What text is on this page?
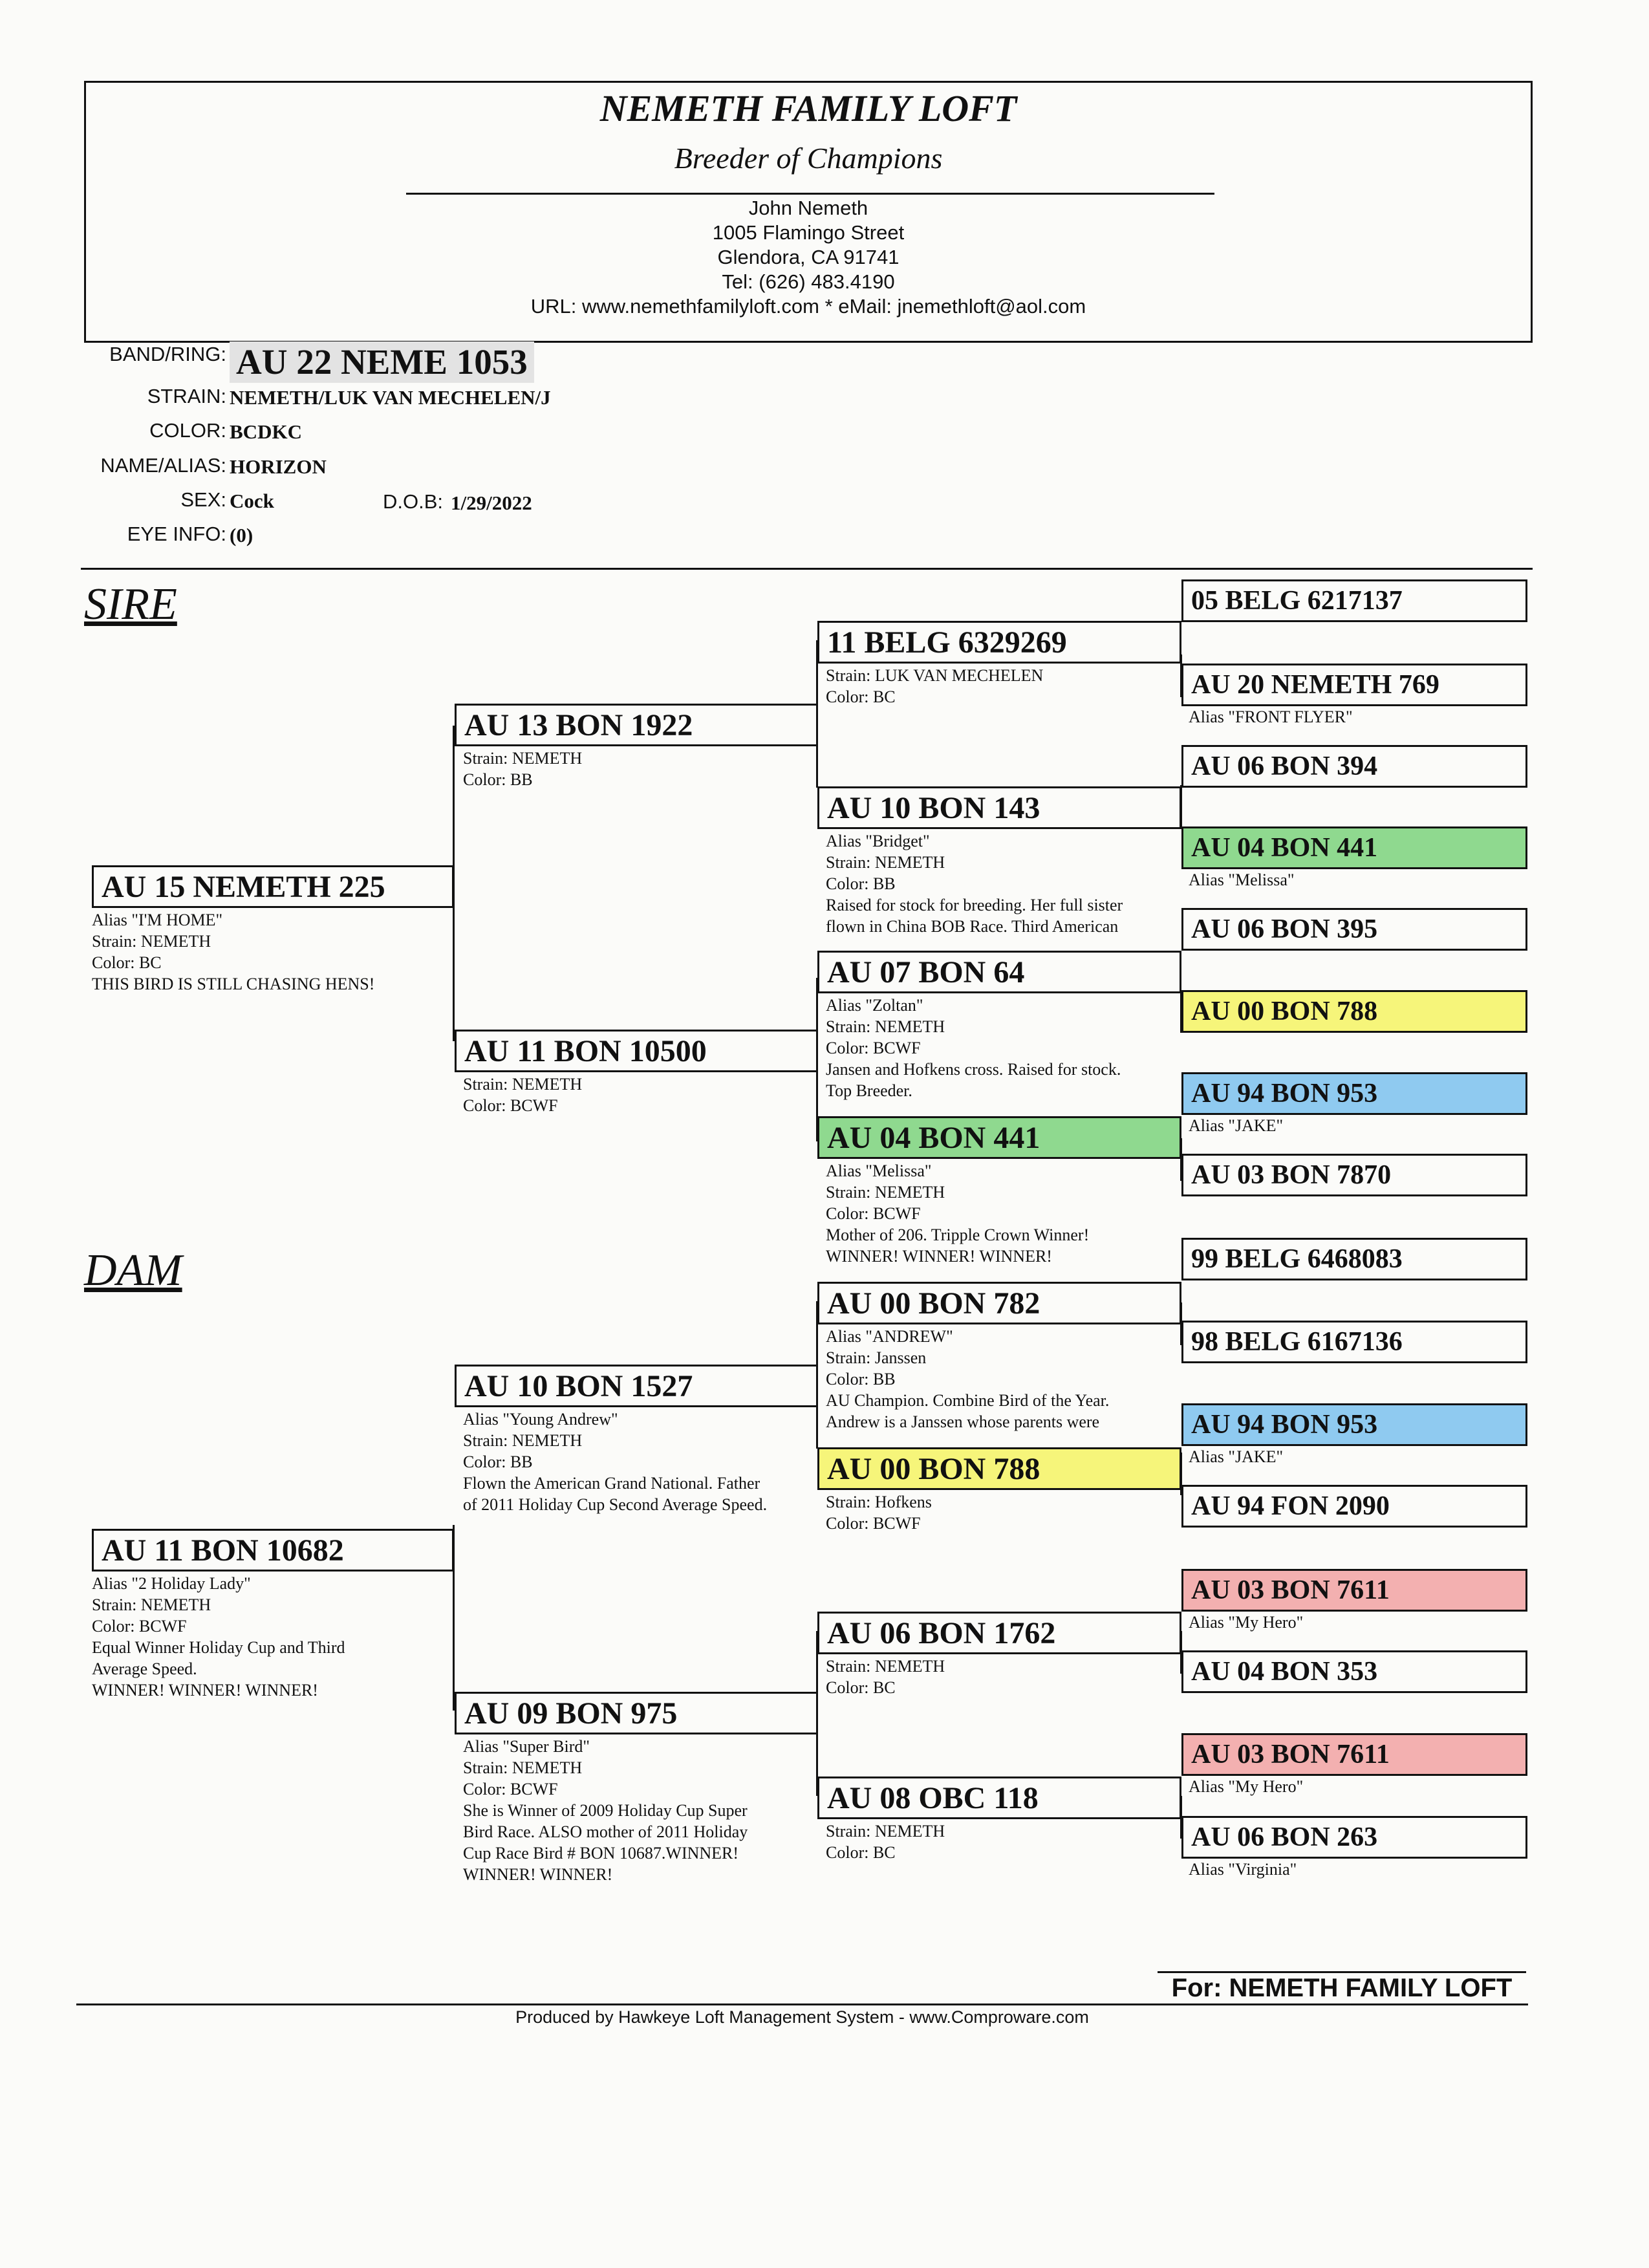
NEMETH FAMILY LOFT
Breeder of Champions
John Nemeth
1005 Flamingo Street
Glendora, CA 91741
Tel: (626) 483.4190
URL: www.nemethfamilyloft.com * eMail: jnemethloft@aol.com
BAND/RING: AU 22 NEME 1053
STRAIN: NEMETH/LUK VAN MECHELEN/J
COLOR: BCDKC
NAME/ALIAS: HORIZON
SEX: Cock	D.O.B: 1/29/2022
EYE INFO: (0)
SIRE
DAM
AU 15 NEMETH 225
Alias "I'M HOME"
Strain: NEMETH
Color: BC
THIS BIRD IS STILL CHASING HENS!
AU 11 BON 10682
Alias "2 Holiday Lady"
Strain: NEMETH
Color: BCWF
Equal Winner Holiday Cup and Third
Average Speed.
WINNER! WINNER! WINNER!
AU 13 BON 1922
Strain: NEMETH
Color: BB
AU 11 BON 10500
Strain: NEMETH
Color: BCWF
AU 10 BON 1527
Alias "Young Andrew"
Strain: NEMETH
Color: BB
Flown the American Grand National. Father
of 2011 Holiday Cup Second Average Speed.
AU 09 BON 975
Alias "Super Bird"
Strain: NEMETH
Color: BCWF
She is Winner of 2009 Holiday Cup Super
Bird Race. ALSO mother of 2011 Holiday
Cup Race Bird # BON 10687.WINNER!
WINNER! WINNER!
11 BELG 6329269
Strain: LUK VAN MECHELEN
Color: BC
AU 10 BON 143
Alias "Bridget"
Strain: NEMETH
Color: BB
Raised for stock for breeding. Her full sister
flown in China BOB Race. Third American
AU 07 BON 64
Alias "Zoltan"
Strain: NEMETH
Color: BCWF
Jansen and Hofkens cross. Raised for stock.
Top Breeder.
AU 04 BON 441
Alias "Melissa"
Strain: NEMETH
Color: BCWF
Mother of 206. Tripple Crown Winner!
WINNER! WINNER! WINNER!
AU 00 BON 782
Alias "ANDREW"
Strain: Janssen
Color: BB
AU Champion. Combine Bird of the Year.
Andrew is a Janssen whose parents were
AU 00 BON 788
Strain: Hofkens
Color: BCWF
AU 06 BON 1762
Strain: NEMETH
Color: BC
AU 08 OBC 118
Strain: NEMETH
Color: BC
05 BELG 6217137
AU 20 NEMETH 769
Alias "FRONT FLYER"
AU 06 BON 394
AU 04 BON 441
Alias "Melissa"
AU 06 BON 395
AU 00 BON 788
AU 94 BON 953
Alias "JAKE"
AU 03 BON 7870
99 BELG 6468083
98 BELG 6167136
AU 94 BON 953
Alias "JAKE"
AU 94 FON 2090
AU 03 BON 7611
Alias "My Hero"
AU 04 BON 353
AU 03 BON 7611
Alias "My Hero"
AU 06 BON 263
Alias "Virginia"
For: NEMETH FAMILY LOFT
Produced by Hawkeye Loft Management System - www.Comproware.com
